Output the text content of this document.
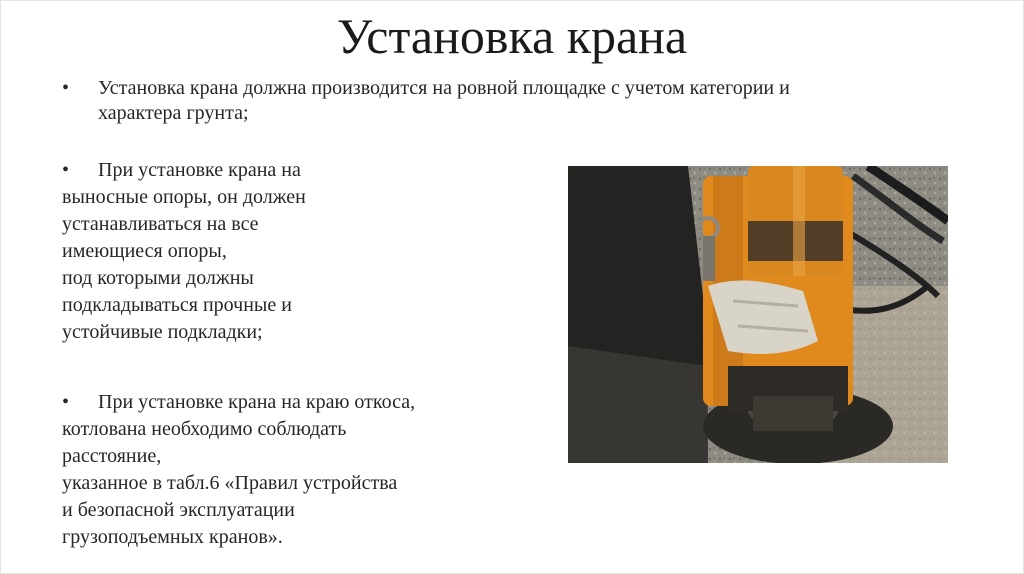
Установка крана
• Установка крана должна производится на ровной площадке с учетом категории и
характера грунта;
• При установке крана на
выносные опоры, он должен
устанавливаться на все
имеющиеся опоры,
под которыми должны
подкладываться прочные и
устойчивые подкладки;
• При установке крана на краю откоса,
котлована необходимо соблюдать
расстояние,
указанное в табл.6 «Правил устройства
и безопасной эксплуатации
грузоподъемных кранов».
